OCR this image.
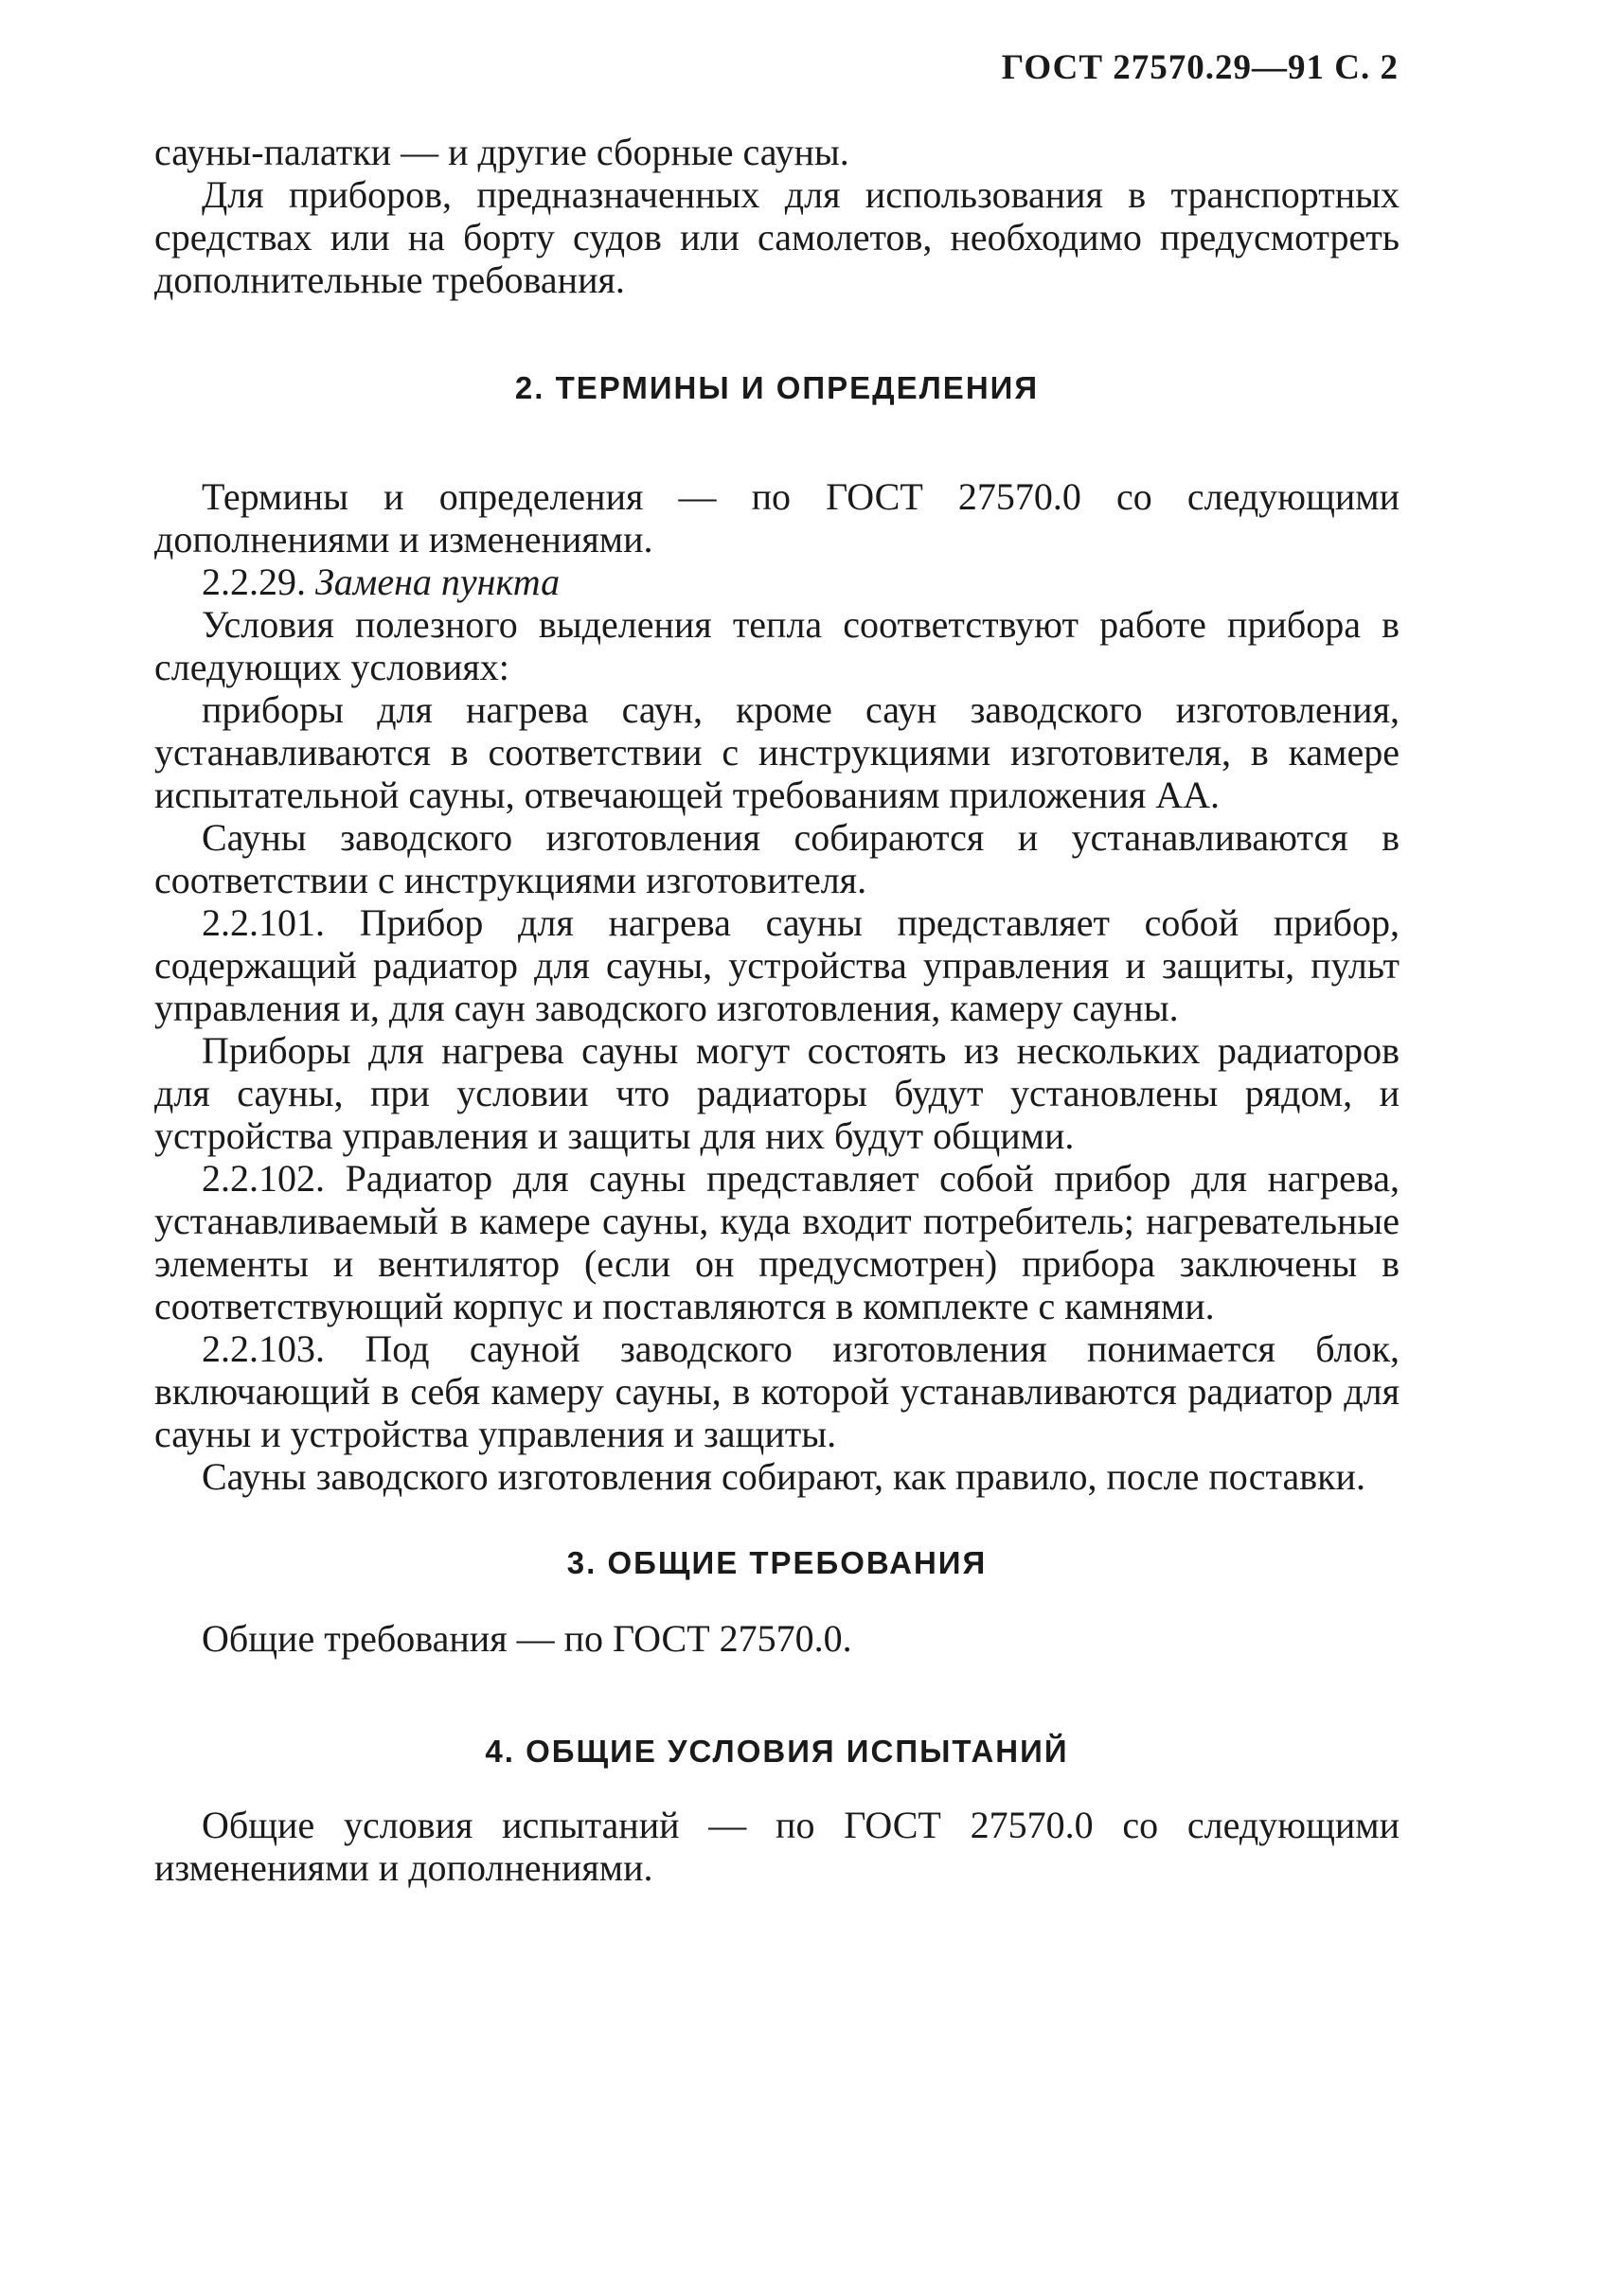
ГОСТ 27570.29—91 С. 2

сауны-палатки — и другие сборные сауны.

Для приборов, предназначенных для использования в транспортных средствах или на борту судов или самолетов, необходимо предусмотреть дополнительные требования.

2. ТЕРМИНЫ И ОПРЕДЕЛЕНИЯ

Термины и определения — по ГОСТ 27570.0 со следующими дополнениями и изменениями.

2.2.29. Замена пункта

Условия полезного выделения тепла соответствуют работе прибора в следующих условиях:

приборы для нагрева саун, кроме саун заводского изготовления, устанавливаются в соответствии с инструкциями изготовителя, в камере испытательной сауны, отвечающей требованиям приложения АА.

Сауны заводского изготовления собираются и устанавливаются в соответствии с инструкциями изготовителя.

2.2.101. Прибор для нагрева сауны представляет собой прибор, содержащий радиатор для сауны, устройства управления и защиты, пульт управления и, для саун заводского изготовления, камеру сауны.

Приборы для нагрева сауны могут состоять из нескольких радиаторов для сауны, при условии что радиаторы будут установлены рядом, и устройства управления и защиты для них будут общими.

2.2.102. Радиатор для сауны представляет собой прибор для нагрева, устанавливаемый в камере сауны, куда входит потребитель; нагревательные элементы и вентилятор (если он предусмотрен) прибора заключены в соответствующий корпус и поставляются в комплекте с камнями.

2.2.103. Под сауной заводского изготовления понимается блок, включающий в себя камеру сауны, в которой устанавливаются радиатор для сауны и устройства управления и защиты.

Сауны заводского изготовления собирают, как правило, после поставки.

3. ОБЩИЕ ТРЕБОВАНИЯ

Общие требования — по ГОСТ 27570.0.

4. ОБЩИЕ УСЛОВИЯ ИСПЫТАНИЙ

Общие условия испытаний — по ГОСТ 27570.0 со следующими изменениями и дополнениями.
